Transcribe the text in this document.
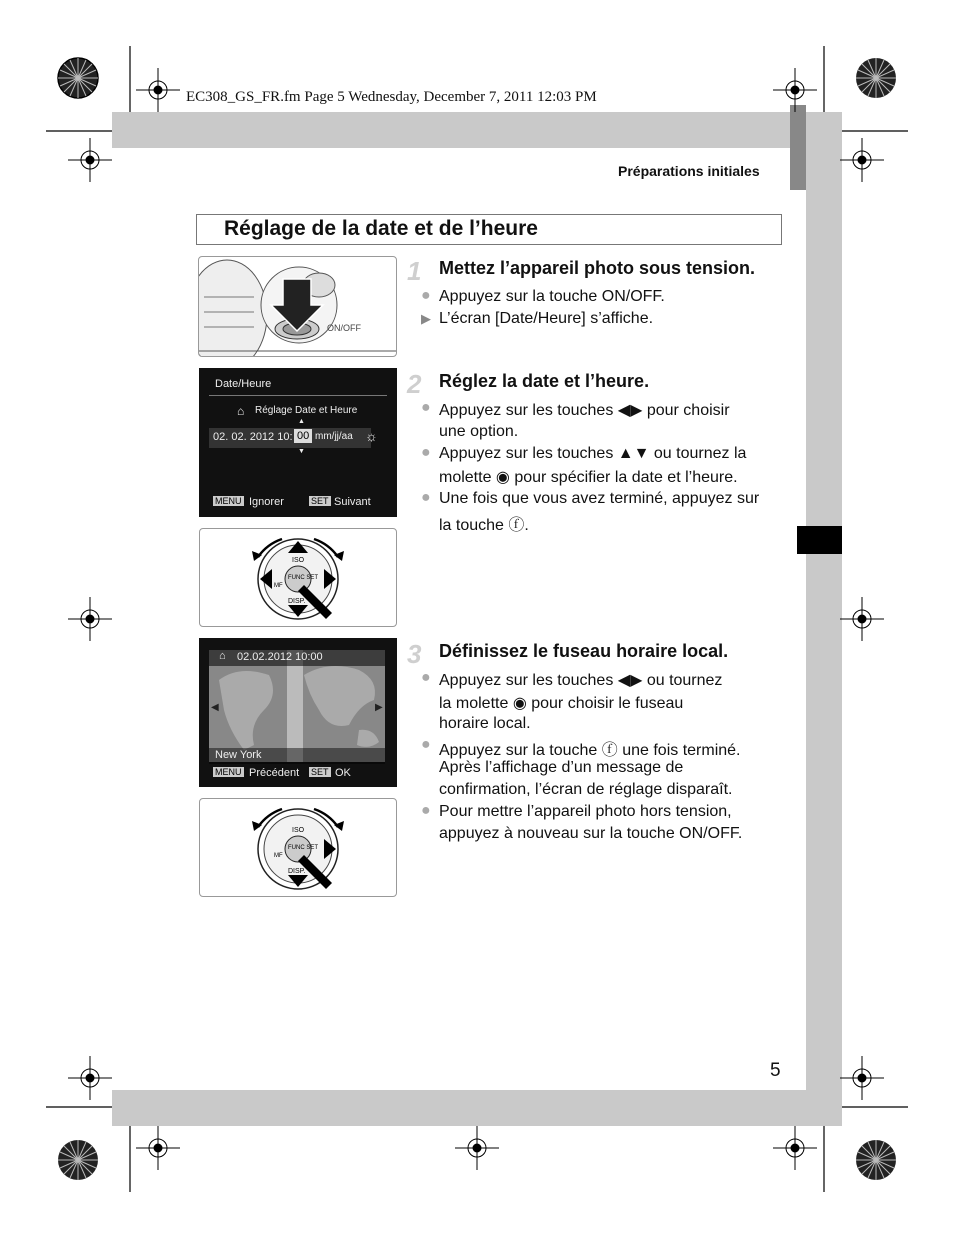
EC308_GS_FR.fm Page 5 Wednesday, December 7, 2011 12:03 PM
Préparations initiales
Réglage de la date et de l’heure
ON/OFF
1 Mettez l’appareil photo sous tension.
● Appuyez sur la touche ON/OFF.
▶ L’écran [Date/Heure] s’affiche.
Date/Heure
⌂ Réglage Date et Heure
▲
02. 02. 2012 10: 00 mm/jj/aa ☼
▼
MENU Ignorer	SET Suivant
ISO
DISP.
MF
FUNC SET
2 Réglez la date et l’heure.
● Appuyez sur les touches ◀▶ pour choisir
une option.
● Appuyez sur les touches ▲▼ ou tournez la
molette ◉ pour spécifier la date et l’heure.
● Une fois que vous avez terminé, appuyez sur
la touche ⓕ.
⌂ 02.02.2012 10:00
◀	▶
New York
MENU Précédent SET OK
ISO
DISP.
MF
FUNC SET
3 Définissez le fuseau horaire local.
● Appuyez sur les touches ◀▶ ou tournez
la molette ◉ pour choisir le fuseau
horaire local.
● Appuyez sur la touche ⓕ une fois terminé.
Après l’affichage d’un message de
confirmation, l’écran de réglage disparaît.
● Pour mettre l’appareil photo hors tension,
appuyez à nouveau sur la touche ON/OFF.
5
